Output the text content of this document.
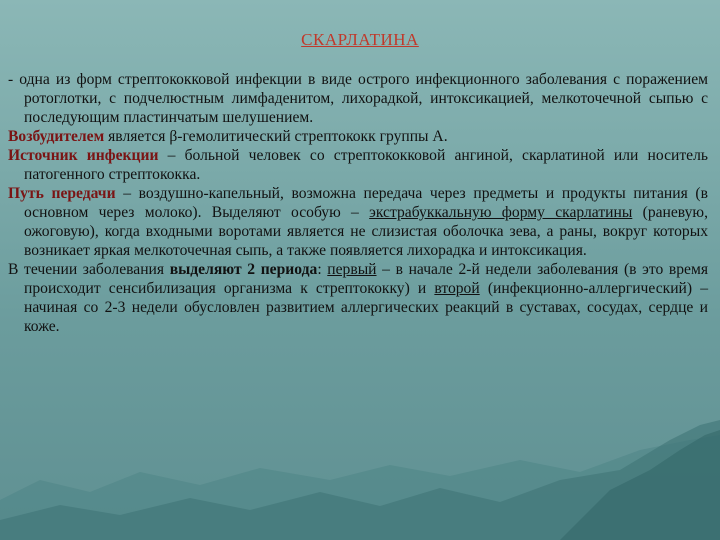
СКАРЛАТИНА

- одна из форм стрептококковой инфекции в виде острого инфекционного заболевания с поражением ротоглотки, с подчелюстным лимфаденитом, лихорадкой, интоксикацией, мелкоточечной сыпью с последующим пластинчатым шелушением.

Возбудителем является β-гемолитический стрептококк группы А.

Источник инфекции – больной человек со стрептококковой ангиной, скарлатиной или носитель патогенного стрептококка.

Путь передачи – воздушно-капельный, возможна передача через предметы и продукты питания (в основном через молоко). Выделяют особую – экстрабуккальную форму скарлатины (раневую, ожоговую), когда входными воротами является не слизистая оболочка зева, а раны, вокруг которых возникает яркая мелкоточечная сыпь, а также появляется лихорадка и интоксикация.

В течении заболевания выделяют 2 периода: первый – в начале 2-й недели заболевания (в это время происходит сенсибилизация организма к стрептококку) и второй (инфекционно-аллергический) – начиная со 2-3 недели обусловлен развитием аллергических реакций в суставах, сосудах, сердце и коже.
